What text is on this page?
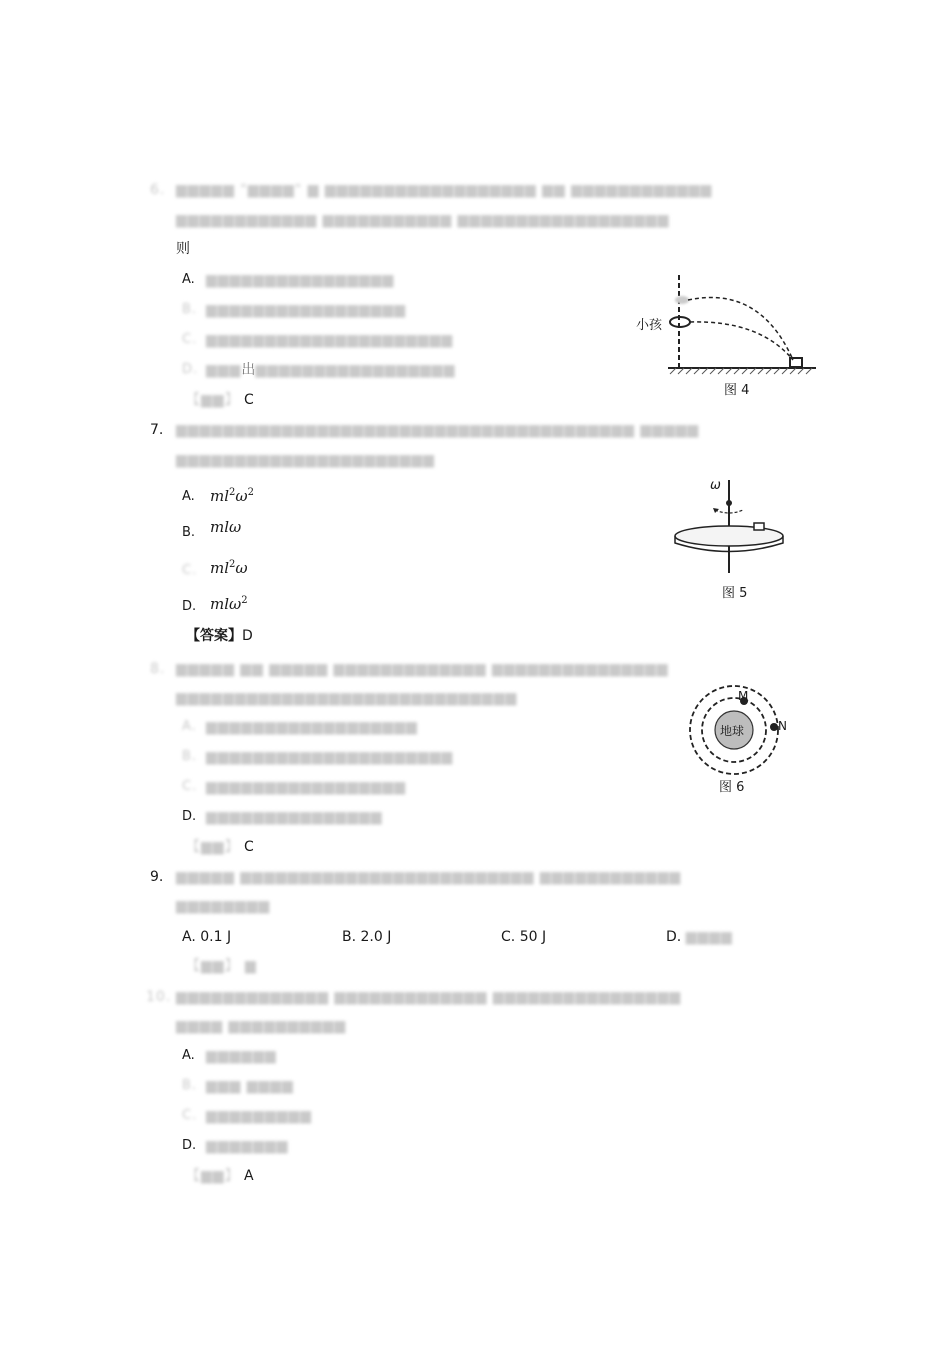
6. ▆▆▆▆▆ "▆▆▆▆" ▆ ▆▆▆▆▆▆▆▆▆▆▆▆▆▆▆▆▆▆ ▆▆ ▆▆▆▆▆▆▆▆▆▆▆▆
▆▆▆▆▆▆▆▆▆▆▆▆ ▆▆▆▆▆▆▆▆▆▆▆ ▆▆▆▆▆▆▆▆▆▆▆▆▆▆▆▆▆▆
则
A. ▆▆▆▆▆▆▆▆▆▆▆▆▆▆▆▆
B. ▆▆▆▆▆▆▆▆▆▆▆▆▆▆▆▆▆
C. ▆▆▆▆▆▆▆▆▆▆▆▆▆▆▆▆▆▆▆▆▆
D. ▆▆▆出▆▆▆▆▆▆▆▆▆▆▆▆▆▆▆▆▆
【▆▆】 C
小孩
图 4
7. ▆▆▆▆▆▆▆▆▆▆▆▆▆▆▆▆▆▆▆▆▆▆▆▆▆▆▆▆▆▆▆▆▆▆▆▆▆▆▆ ▆▆▆▆▆
▆▆▆▆▆▆▆▆▆▆▆▆▆▆▆▆▆▆▆▆▆▆
A. $ml^2\omega^2$
B. mlω
C. $ml^2\omega$
D. mlω$^2$
【答案】D
ω
图 5
8. ▆▆▆▆▆ ▆▆ ▆▆▆▆▆ ▆▆▆▆▆▆▆▆▆▆▆▆▆ ▆▆▆▆▆▆▆▆▆▆▆▆▆▆▆
▆▆▆▆▆▆▆▆▆▆▆▆▆▆▆▆▆▆▆▆▆▆▆▆▆▆▆▆▆
A. ▆▆▆▆▆▆▆▆▆▆▆▆▆▆▆▆▆▆
B. ▆▆▆▆▆▆▆▆▆▆▆▆▆▆▆▆▆▆▆▆▆
C. ▆▆▆▆▆▆▆▆▆▆▆▆▆▆▆▆▆
D. ▆▆▆▆▆▆▆▆▆▆▆▆▆▆▆
【▆▆】 C
地球
M
N
图 6
9. ▆▆▆▆▆ ▆▆▆▆▆▆▆▆▆▆▆▆▆▆▆▆▆▆▆▆▆▆▆▆▆ ▆▆▆▆▆▆▆▆▆▆▆▆
▆▆▆▆▆▆▆▆
A. 0.1 J	B. 2.0 J	C. 50 J	D. ▆▆▆▆
【▆▆】 ▆
10. ▆▆▆▆▆▆▆▆▆▆▆▆▆ ▆▆▆▆▆▆▆▆▆▆▆▆▆ ▆▆▆▆▆▆▆▆▆▆▆▆▆▆▆▆
▆▆▆▆ ▆▆▆▆▆▆▆▆▆▆
A. ▆▆▆▆▆▆
B. ▆▆▆ ▆▆▆▆
C. ▆▆▆▆▆▆▆▆▆
D. ▆▆▆▆▆▆▆
【▆▆】 A
